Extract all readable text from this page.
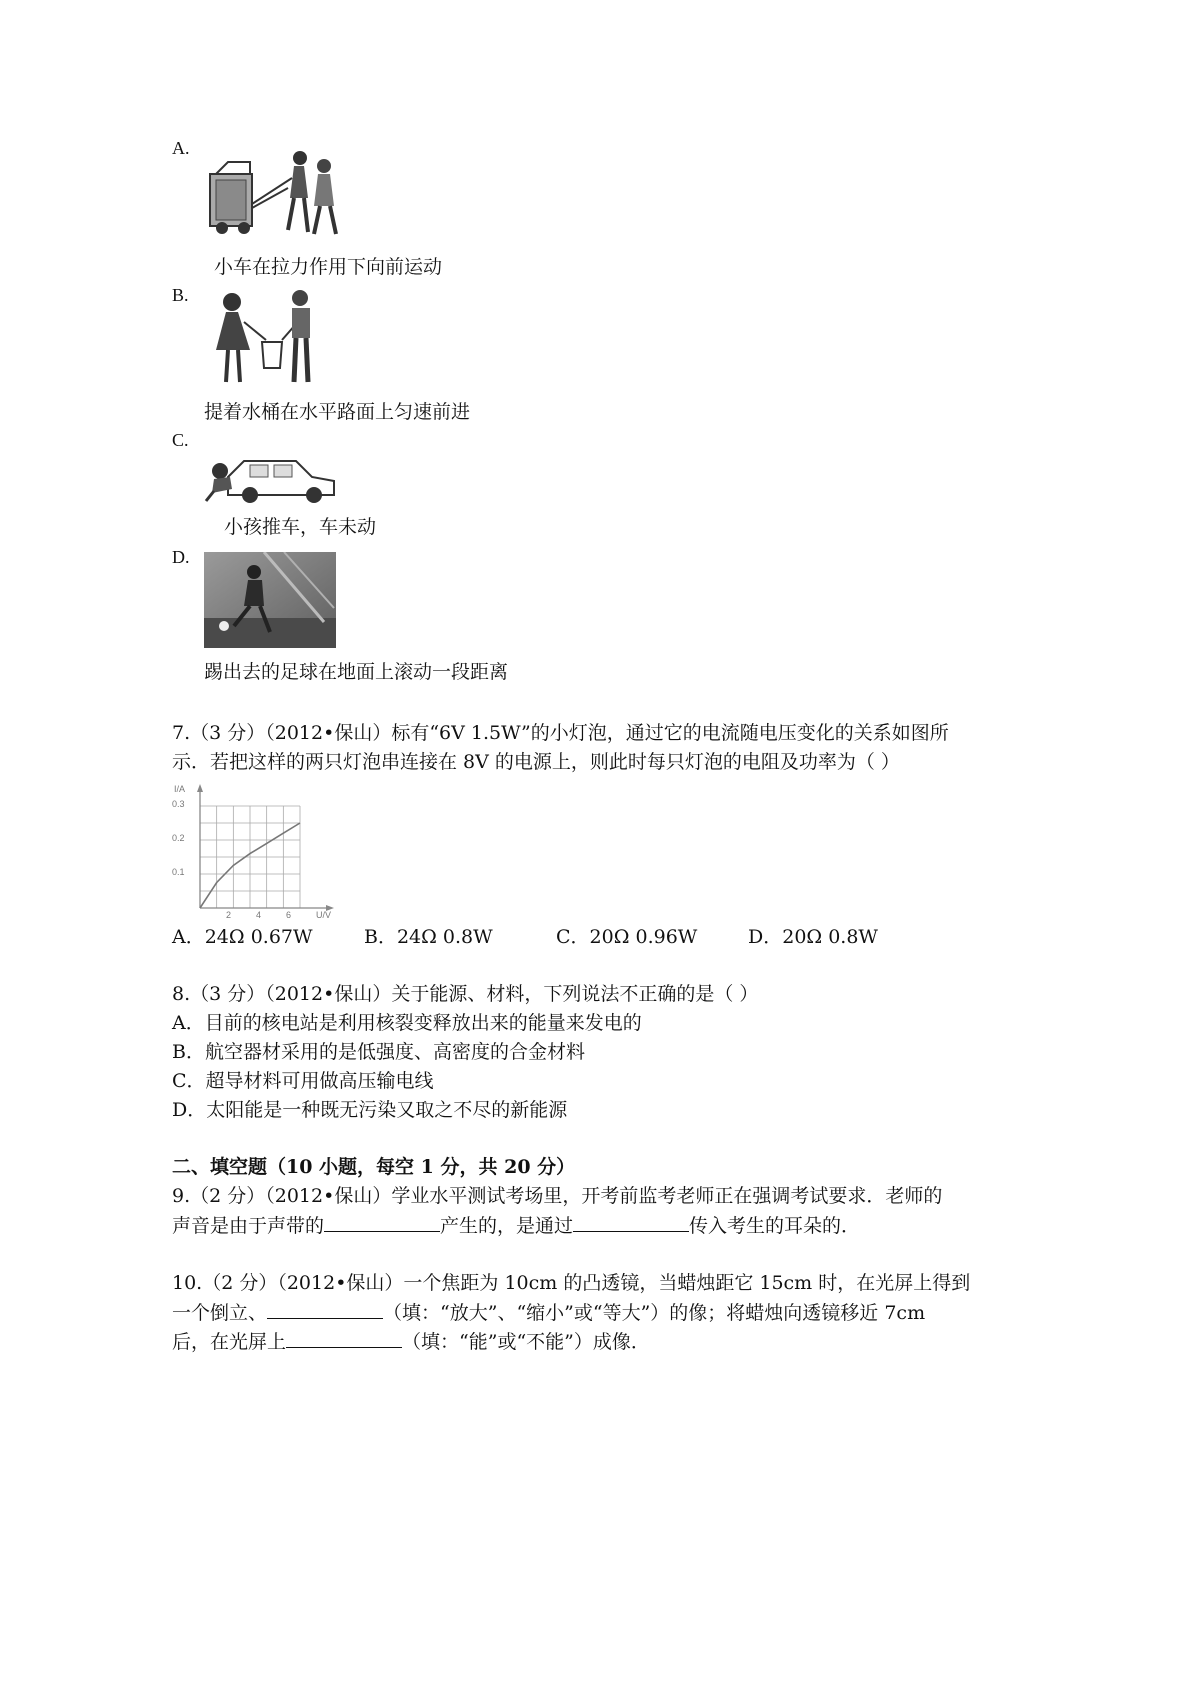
A.
小车在拉力作用下向前运动
B.
提着水桶在水平路面上匀速前进
C.
小孩推车，车未动
D.
踢出去的足球在地面上滚动一段距离
7.（3 分）（2012•保山）标有“6V 1.5W”的小灯泡，通过它的电流随电压变化的关系如图所
示．若把这样的两只灯泡串连接在 8V 的电源上，则此时每只灯泡的电阻及功率为（ ）
I/A
U/V
0.1
0.2
0.3
2	4	6
A．24Ω 0.67W	B．24Ω 0.8W	C．20Ω 0.96W	D．20Ω 0.8W
8.（3 分）（2012•保山）关于能源、材料，下列说法不正确的是（ ）
A．目前的核电站是利用核裂变释放出来的能量来发电的
B．航空器材采用的是低强度、高密度的合金材料
C．超导材料可用做高压输电线
D．太阳能是一种既无污染又取之不尽的新能源
二、填空题（10 小题，每空 1 分，共 20 分）
9.（2 分）（2012•保山）学业水平测试考场里，开考前监考老师正在强调考试要求．老师的
声音是由于声带的	产生的，是通过	传入考生的耳朵的．
10.（2 分）（2012•保山）一个焦距为 10cm 的凸透镜，当蜡烛距它 15cm 时，在光屏上得到
一个倒立、	（填：“放大”、“缩小”或“等大”）的像；将蜡烛向透镜移近 7cm
后，在光屏上	（填：“能”或“不能”）成像．
